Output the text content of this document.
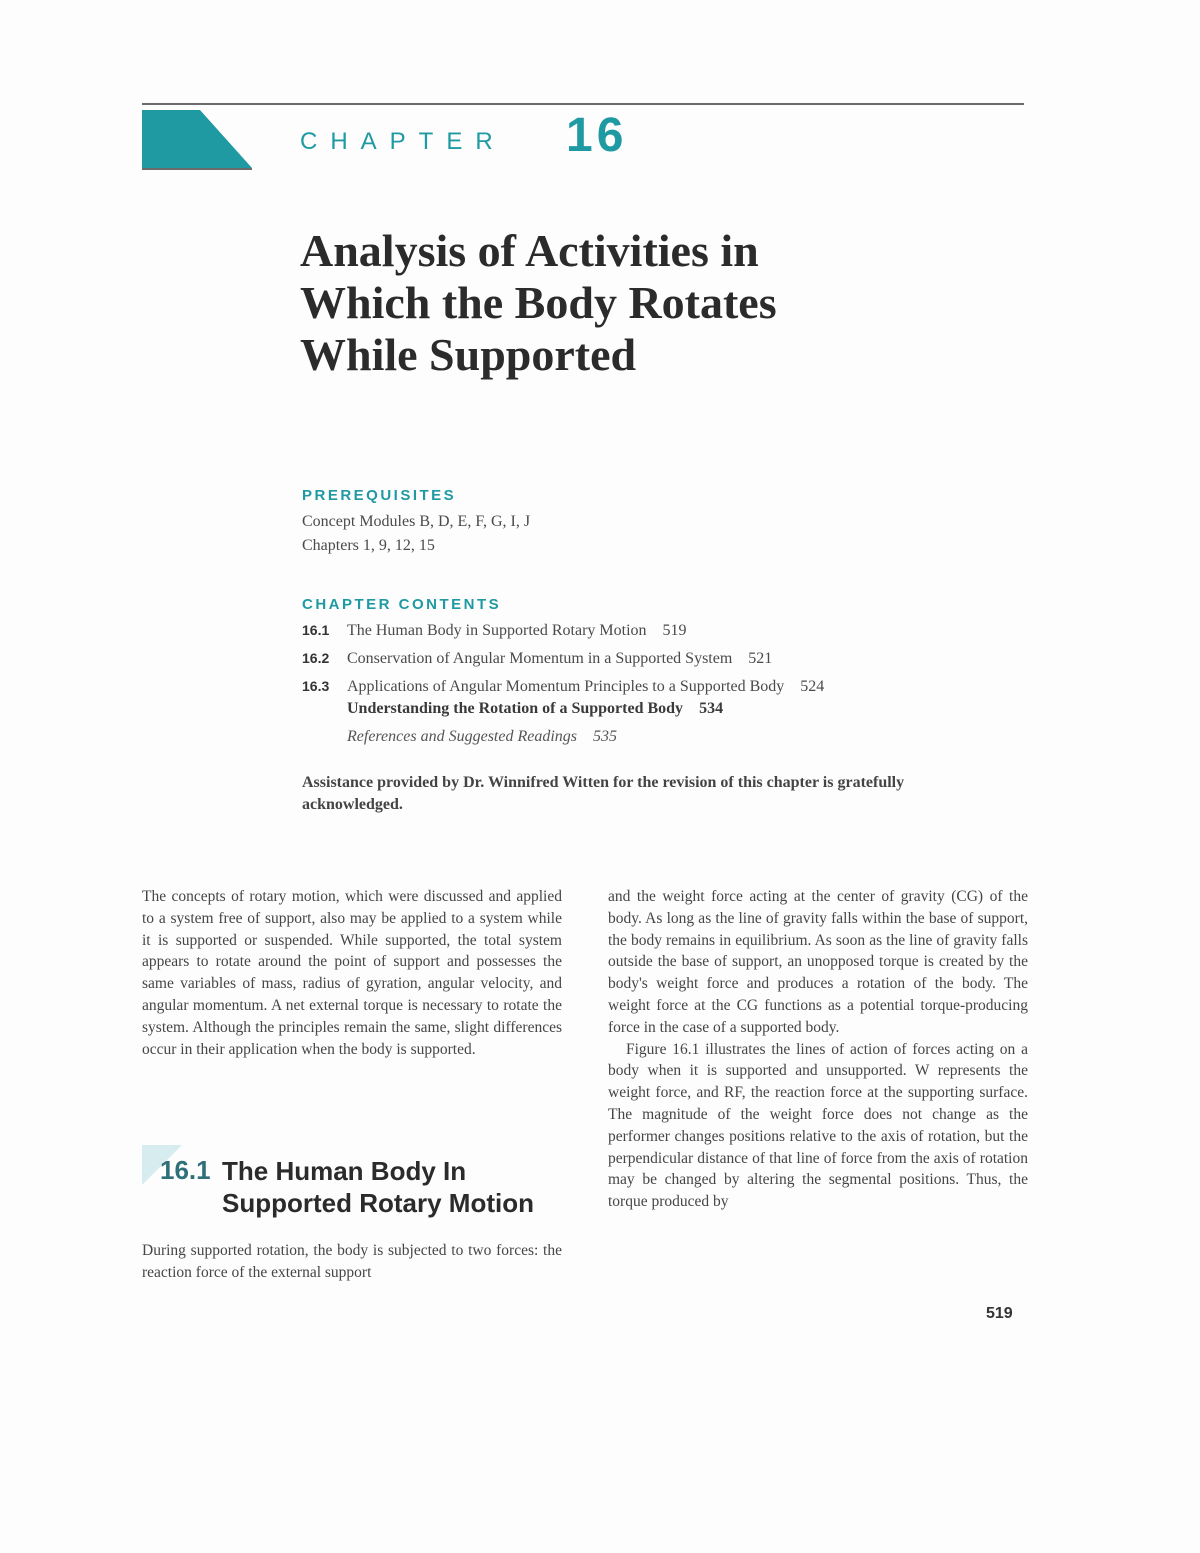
CHAPTER 16
Analysis of Activities in
Which the Body Rotates
While Supported
PREREQUISITES
Concept Modules B, D, E, F, G, I, J
Chapters 1, 9, 12, 15
CHAPTER CONTENTS
16.1 The Human Body in Supported Rotary Motion 519
16.2 Conservation of Angular Momentum in a Supported System 521
16.3 Applications of Angular Momentum Principles to a Supported Body 524
Understanding the Rotation of a Supported Body 534
References and Suggested Readings 535
Assistance provided by Dr. Winnifred Witten for the revision of this chapter is gratefully acknowledged.

The concepts of rotary motion, which were discussed and applied to a system free of support, also may be applied to a system while it is supported or suspended. While supported, the total system appears to rotate around the point of support and possesses the same variables of mass, radius of gyration, angular velocity, and angular momentum. A net external torque is necessary to rotate the system. Although the principles remain the same, slight differences occur in their application when the body is supported.

16.1 The Human Body In
Supported Rotary Motion
During supported rotation, the body is subjected to two forces: the reaction force of the external support

and the weight force acting at the center of gravity (CG) of the body. As long as the line of gravity falls within the base of support, the body remains in equilibrium. As soon as the line of gravity falls outside the base of support, an unopposed torque is created by the body's weight force and produces a rotation of the body. The weight force at the CG functions as a potential torque-producing force in the case of a supported body.

Figure 16.1 illustrates the lines of action of forces acting on a body when it is supported and unsupported. W represents the weight force, and RF, the reaction force at the supporting surface. The magnitude of the weight force does not change as the performer changes positions relative to the axis of rotation, but the perpendicular distance of that line of force from the axis of rotation may be changed by altering the segmental positions. Thus, the torque produced by

519
